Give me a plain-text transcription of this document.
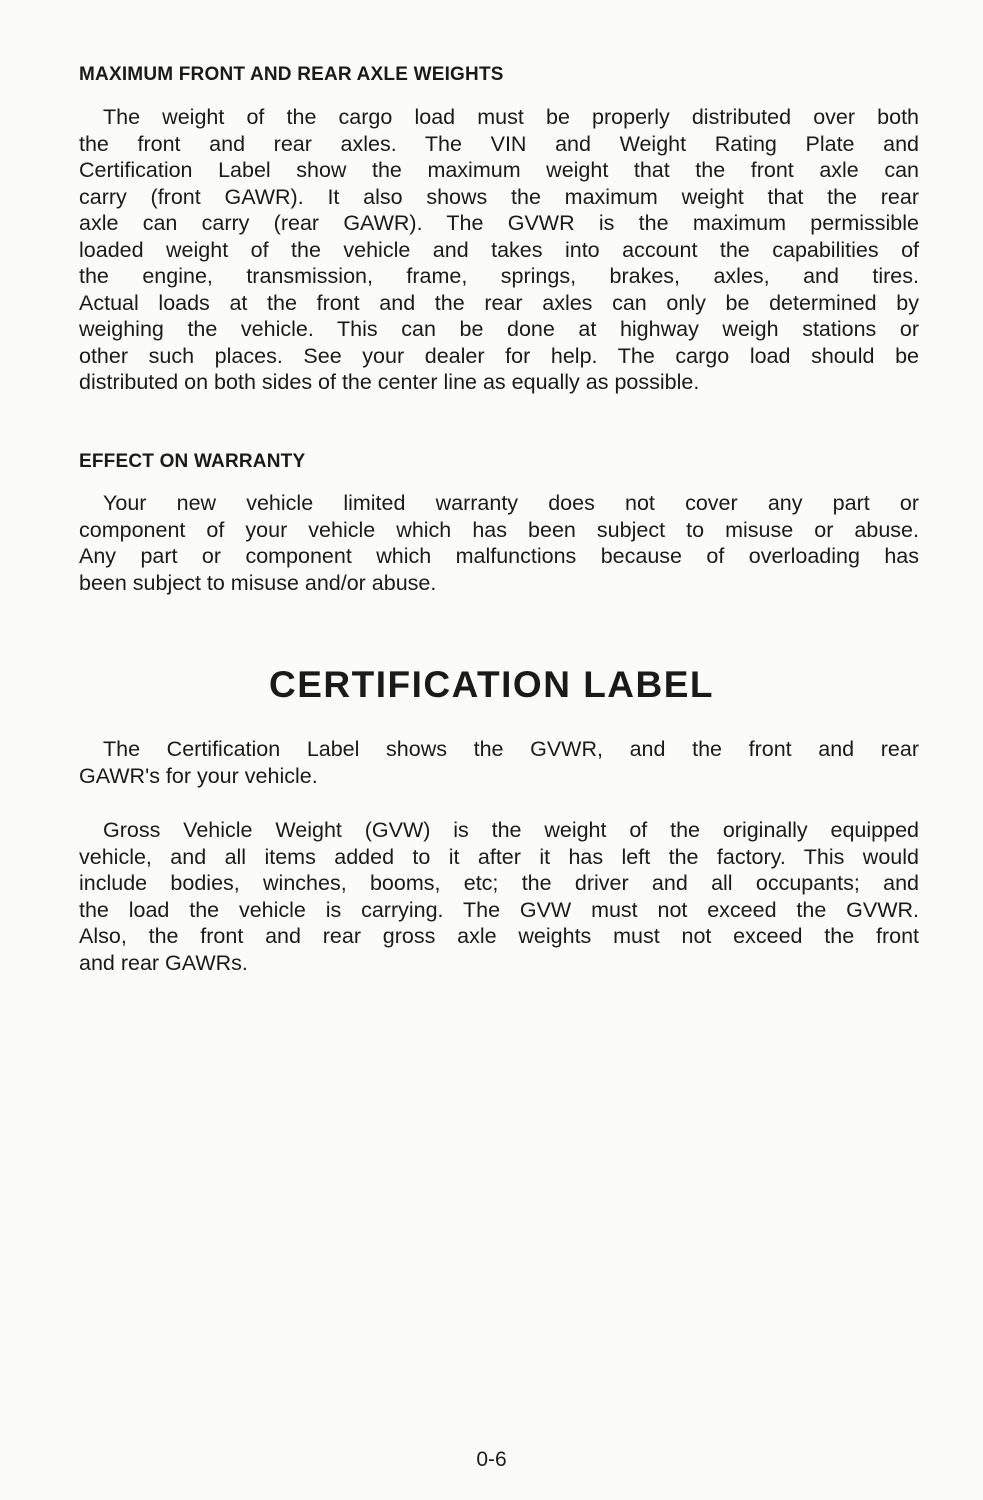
MAXIMUM FRONT AND REAR AXLE WEIGHTS
The weight of the cargo load must be properly distributed over both
the front and rear axles. The VIN and Weight Rating Plate and
Certification Label show the maximum weight that the front axle can
carry (front GAWR). It also shows the maximum weight that the rear
axle can carry (rear GAWR). The GVWR is the maximum permissible
loaded weight of the vehicle and takes into account the capabilities of
the engine, transmission, frame, springs, brakes, axles, and tires.
Actual loads at the front and the rear axles can only be determined by
weighing the vehicle. This can be done at highway weigh stations or
other such places. See your dealer for help. The cargo load should be
distributed on both sides of the center line as equally as possible.
EFFECT ON WARRANTY
Your new vehicle limited warranty does not cover any part or
component of your vehicle which has been subject to misuse or abuse.
Any part or component which malfunctions because of overloading has
been subject to misuse and/or abuse.
CERTIFICATION LABEL
The Certification Label shows the GVWR, and the front and rear
GAWR's for your vehicle.
Gross Vehicle Weight (GVW) is the weight of the originally equipped
vehicle, and all items added to it after it has left the factory. This would
include bodies, winches, booms, etc; the driver and all occupants; and
the load the vehicle is carrying. The GVW must not exceed the GVWR.
Also, the front and rear gross axle weights must not exceed the front
and rear GAWRs.
0-6
